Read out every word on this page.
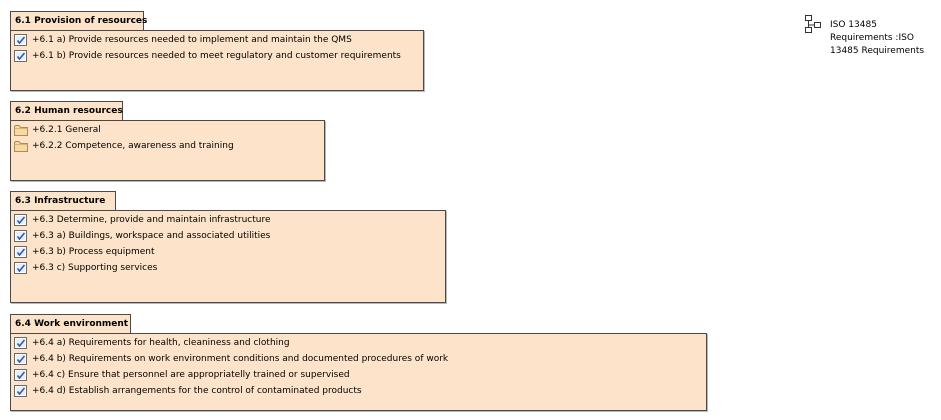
6.1 Provision of resources
+6.1 a) Provide resources needed to implement and maintain the QMS
+6.1 b) Provide resources needed to meet regulatory and customer requirements
6.2 Human resources
+6.2.1 General
+6.2.2 Competence, awareness and training
6.3 Infrastructure
+6.3 Determine, provide and maintain infrastructure
+6.3 a) Buildings, workspace and associated utilities
+6.3 b) Process equipment
+6.3 c) Supporting services
6.4 Work environment
+6.4 a) Requirements for health, cleaniness and clothing
+6.4 b) Requirements on work environment conditions and documented procedures of work
+6.4 c) Ensure that personnel are appropriatelly trained or supervised
+6.4 d) Establish arrangements for the control of contaminated products
ISO 13485 Requirements :ISO 13485 Requirements
